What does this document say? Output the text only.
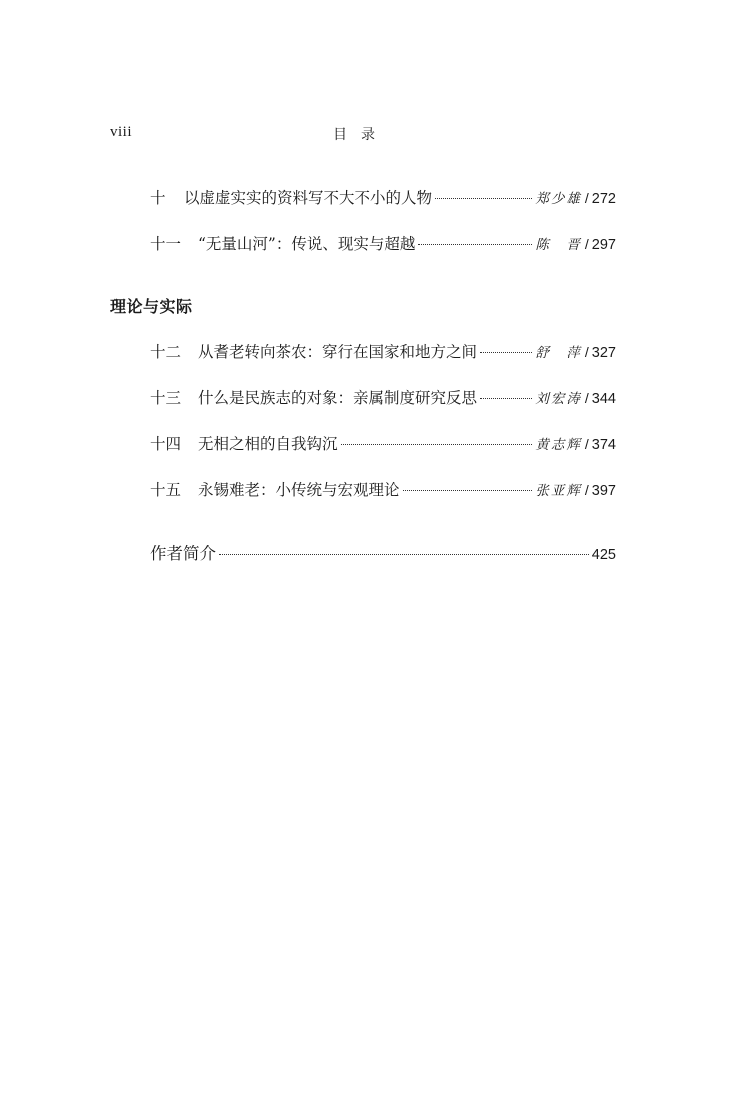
viii	目录
十	以虚虚实实的资料写不大不小的人物	郑少雄 / 272
十一	“无量山河”：传说、现实与超越	陈　晋 / 297
理论与实际
十二	从耆老转向茶农：穿行在国家和地方之间	舒　萍 / 327
十三	什么是民族志的对象：亲属制度研究反思	刘宏涛 / 344
十四	无相之相的自我钩沉	黄志辉 / 374
十五	永锡难老：小传统与宏观理论	张亚辉 / 397
作者简介	425
